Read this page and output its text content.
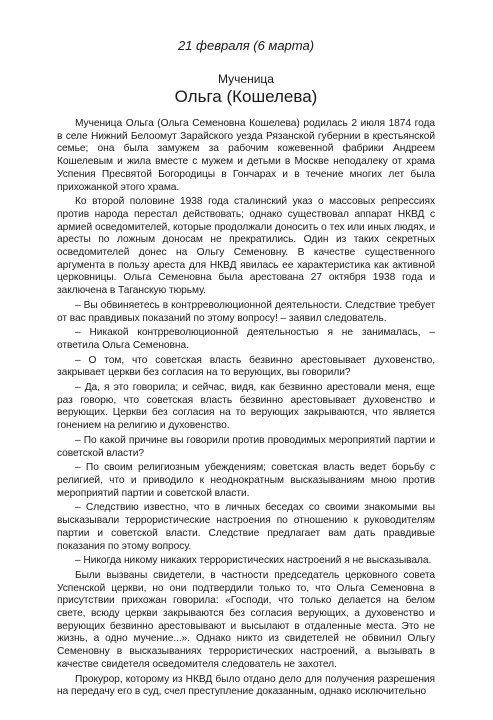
21 февраля (6 марта)

Мученица

Ольга (Кошелева)

Мученица Ольга (Ольга Семеновна Кошелева) родилась 2 июля 1874 года в селе Нижний Белоомут Зарайского уезда Рязанской губернии в крестьянской семье; она была замужем за рабочим кожевенной фабрики Андреем Кошелевым и жила вместе с мужем и детьми в Москве неподалеку от храма Успения Пресвятой Богородицы в Гончарах и в течение многих лет была прихожанкой этого храма.

Ко второй половине 1938 года сталинский указ о массовых репрессиях против народа перестал действовать; однако существовал аппарат НКВД с армией осведомителей, которые продолжали доносить о тех или иных людях, и аресты по ложным доносам не прекратились. Один из таких секретных осведомителей донес на Ольгу Семеновну. В качестве существенного аргумента в пользу ареста для НКВД явилась ее характеристика как активной церковницы. Ольга Семеновна была арестована 27 октября 1938 года и заключена в Таганскую тюрьму.

– Вы обвиняетесь в контрреволюционной деятельности. Следствие требует от вас правдивых показаний по этому вопросу! – заявил следователь.

– Никакой контрреволюционной деятельностью я не занималась, – ответила Ольга Семеновна.

– О том, что советская власть безвинно арестовывает духовенство, закрывает церкви без согласия на то верующих, вы говорили?

– Да, я это говорила; и сейчас, видя, как безвинно арестовали меня, еще раз говорю, что советская власть безвинно арестовывает духовенство и верующих. Церкви без согласия на то верующих закрываются, что является гонением на религию и духовенство.

– По какой причине вы говорили против проводимых мероприятий партии и советской власти?

– По своим религиозным убеждениям; советская власть ведет борьбу с религией, что и приводило к неоднократным высказываниям мною против мероприятий партии и советской власти.

– Следствию известно, что в личных беседах со своими знакомыми вы высказывали террористические настроения по отношению к руководителям партии и советской власти. Следствие предлагает вам дать правдивые показания по этому вопросу.

– Никогда никому никаких террористических настроений я не высказывала.

Были вызваны свидетели, в частности председатель церковного совета Успенской церкви, но они подтвердили только то, что Ольга Семеновна в присутствии прихожан говорила: «Господи, что только делается на белом свете, всюду церкви закрываются без согласия верующих, а духовенство и верующих безвинно арестовывают и высылают в отдаленные места. Это не жизнь, а одно мучение...». Однако никто из свидетелей не обвинил Ольгу Семеновну в высказываниях террористических настроений, а вызывать в качестве свидетеля осведомителя следователь не захотел.

Прокурор, которому из НКВД было отдано дело для получения разрешения на передачу его в суд, счел преступление доказанным, однако исключительно
